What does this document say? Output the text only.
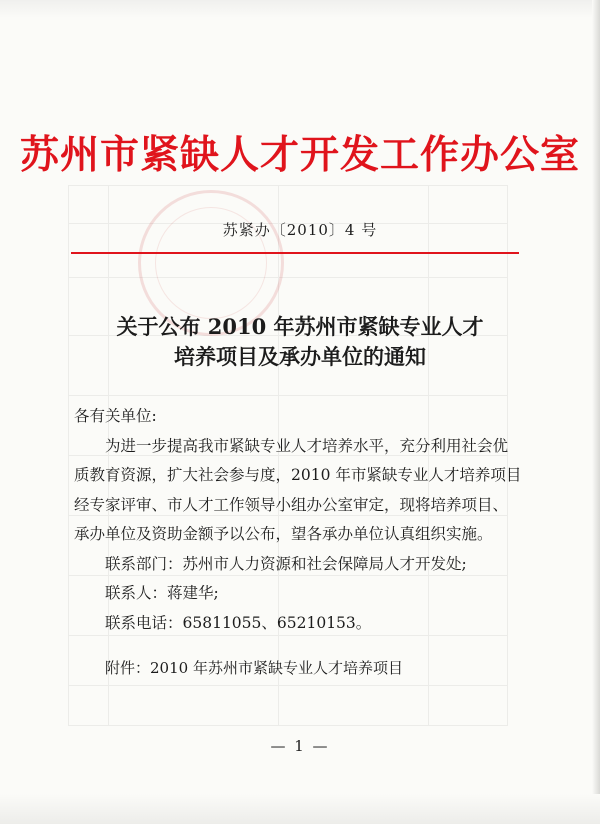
苏州市紧缺人才开发工作办公室
苏紧办〔2010〕4 号
关于公布 2010 年苏州市紧缺专业人才
培养项目及承办单位的通知

各有关单位:

为进一步提高我市紧缺专业人才培养水平，充分利用社会优

质教育资源，扩大社会参与度，2010 年市紧缺专业人才培养项目

经专家评审、市人才工作领导小组办公室审定，现将培养项目、

承办单位及资助金额予以公布，望各承办单位认真组织实施。

联系部门：苏州市人力资源和社会保障局人才开发处;

联系人：蒋建华;

联系电话：65811055、65210153。

附件：2010 年苏州市紧缺专业人才培养项目
— 1 —
